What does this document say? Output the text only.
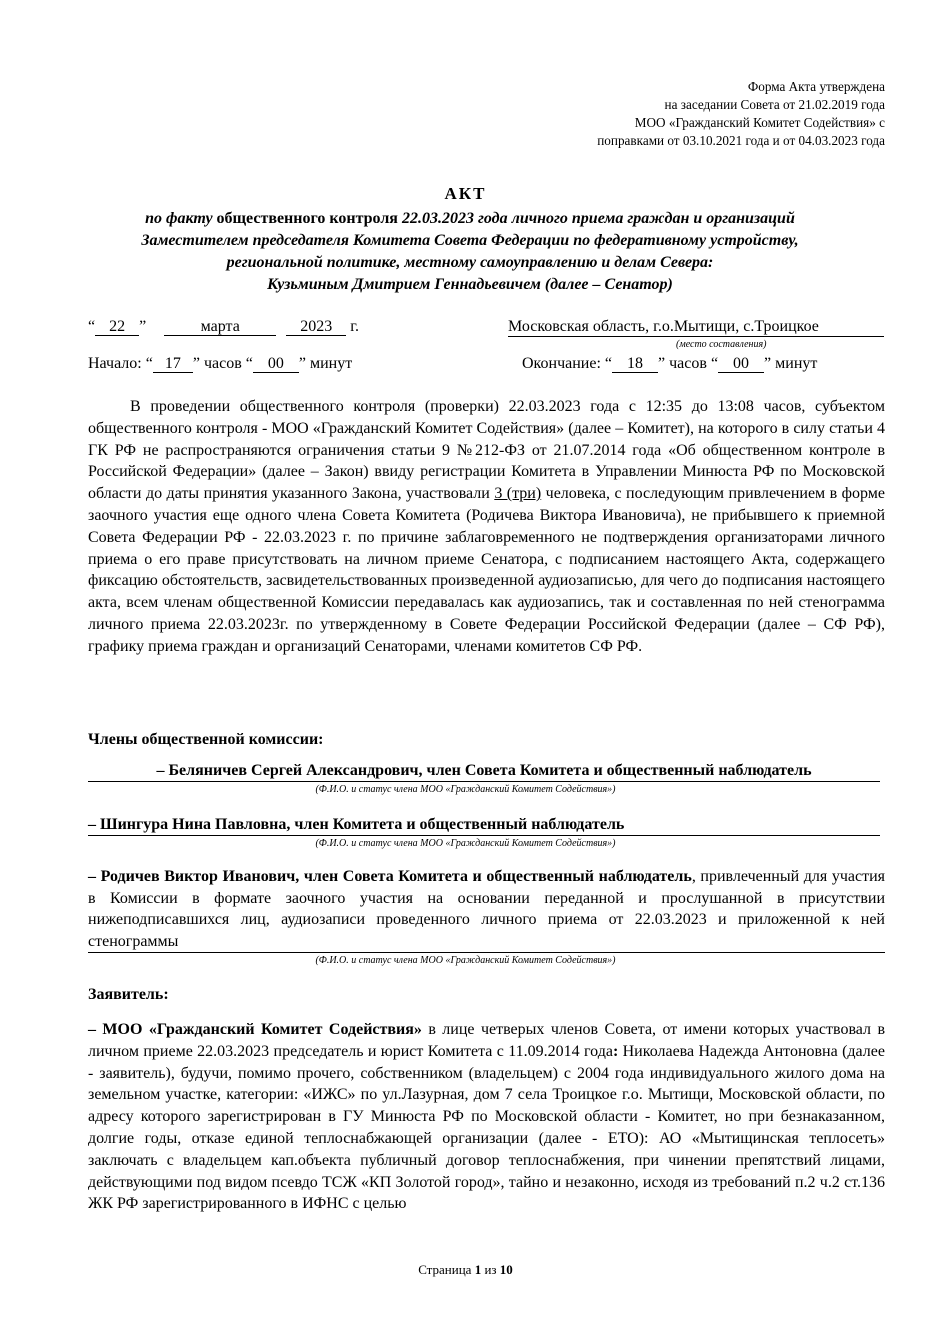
Форма Акта утверждена
на заседании Совета от 21.02.2019 года
МОО «Гражданский Комитет Содействия» с
поправками от 03.10.2021 года и от 04.03.2023 года
АКТ
по факту общественного контроля 22.03.2023 года личного приема граждан и организаций
Заместителем председателя Комитета Совета Федерации по федеративному устройству,
региональной политике, местному самоуправлению и делам Севера:
Кузьминым Дмитрием Геннадьевичем (далее – Сенатор)
“ 22 ”	марта	2023 г.	Московская область, г.о.Мытищи, с.Троицкое
(место составления)
Начало: “ 17 ” часов “ 00 ” минут	Окончание: “ 18 ” часов “ 00 ” минут
В проведении общественного контроля (проверки) 22.03.2023 года с 12:35 до 13:08 часов, субъектом общественного контроля - МОО «Гражданский Комитет Содействия» (далее – Комитет), на которого в силу статьи 4 ГК РФ не распространяются ограничения статьи 9 №212-ФЗ от 21.07.2014 года «Об общественном контроле в Российской Федерации» (далее – Закон) ввиду регистрации Комитета в Управлении Минюста РФ по Московской области до даты принятия указанного Закона, участвовали 3 (три) человека, с последующим привлечением в форме заочного участия еще одного члена Совета Комитета (Родичева Виктора Ивановича), не прибывшего к приемной Совета Федерации РФ - 22.03.2023 г. по причине заблаговременного не подтверждения организаторами личного приема о его праве присутствовать на личном приеме Сенатора, с подписанием настоящего Акта, содержащего фиксацию обстоятельств, засвидетельствованных произведенной аудиозаписью, для чего до подписания настоящего акта, всем членам общественной Комиссии передавалась как аудиозапись, так и составленная по ней стенограмма личного приема 22.03.2023г. по утвержденному в Совете Федерации Российской Федерации (далее – СФ РФ), графику приема граждан и организаций Сенаторами, членами комитетов СФ РФ.
Члены общественной комиссии:
– Беляничев Сергей Александрович, член Совета Комитета и общественный наблюдатель
(Ф.И.О. и статус члена МОО «Гражданский Комитет Содействия»)
– Шингура Нина Павловна, член Комитета и общественный наблюдатель
(Ф.И.О. и статус члена МОО «Гражданский Комитет Содействия»)
– Родичев Виктор Иванович, член Совета Комитета и общественный наблюдатель, привлеченный для участия в Комиссии в формате заочного участия на основании переданной и прослушанной в присутствии нижеподписавшихся лиц, аудиозаписи проведенного личного приема от 22.03.2023 и приложенной к ней стенограммы
(Ф.И.О. и статус члена МОО «Гражданский Комитет Содействия»)
Заявитель:
– МОО «Гражданский Комитет Содействия» в лице четверых членов Совета, от имени которых участвовал в личном приеме 22.03.2023 председатель и юрист Комитета с 11.09.2014 года: Николаева Надежда Антоновна (далее - заявитель), будучи, помимо прочего, собственником (владельцем) с 2004 года индивидуального жилого дома на земельном участке, категории: «ИЖС» по ул.Лазурная, дом 7 села Троицкое г.о. Мытищи, Московской области, по адресу которого зарегистрирован в ГУ Минюста РФ по Московской области - Комитет, но при безнаказанном, долгие годы, отказе единой теплоснабжающей организации (далее - ЕТО): АО «Мытищинская теплосеть» заключать с владельцем кап.объекта публичный договор теплоснабжения, при чинении препятствий лицами, действующими под видом псевдо ТСЖ «КП Золотой город», тайно и незаконно, исходя из требований п.2 ч.2 ст.136 ЖК РФ зарегистрированного в ИФНС с целью
Страница 1 из 10
